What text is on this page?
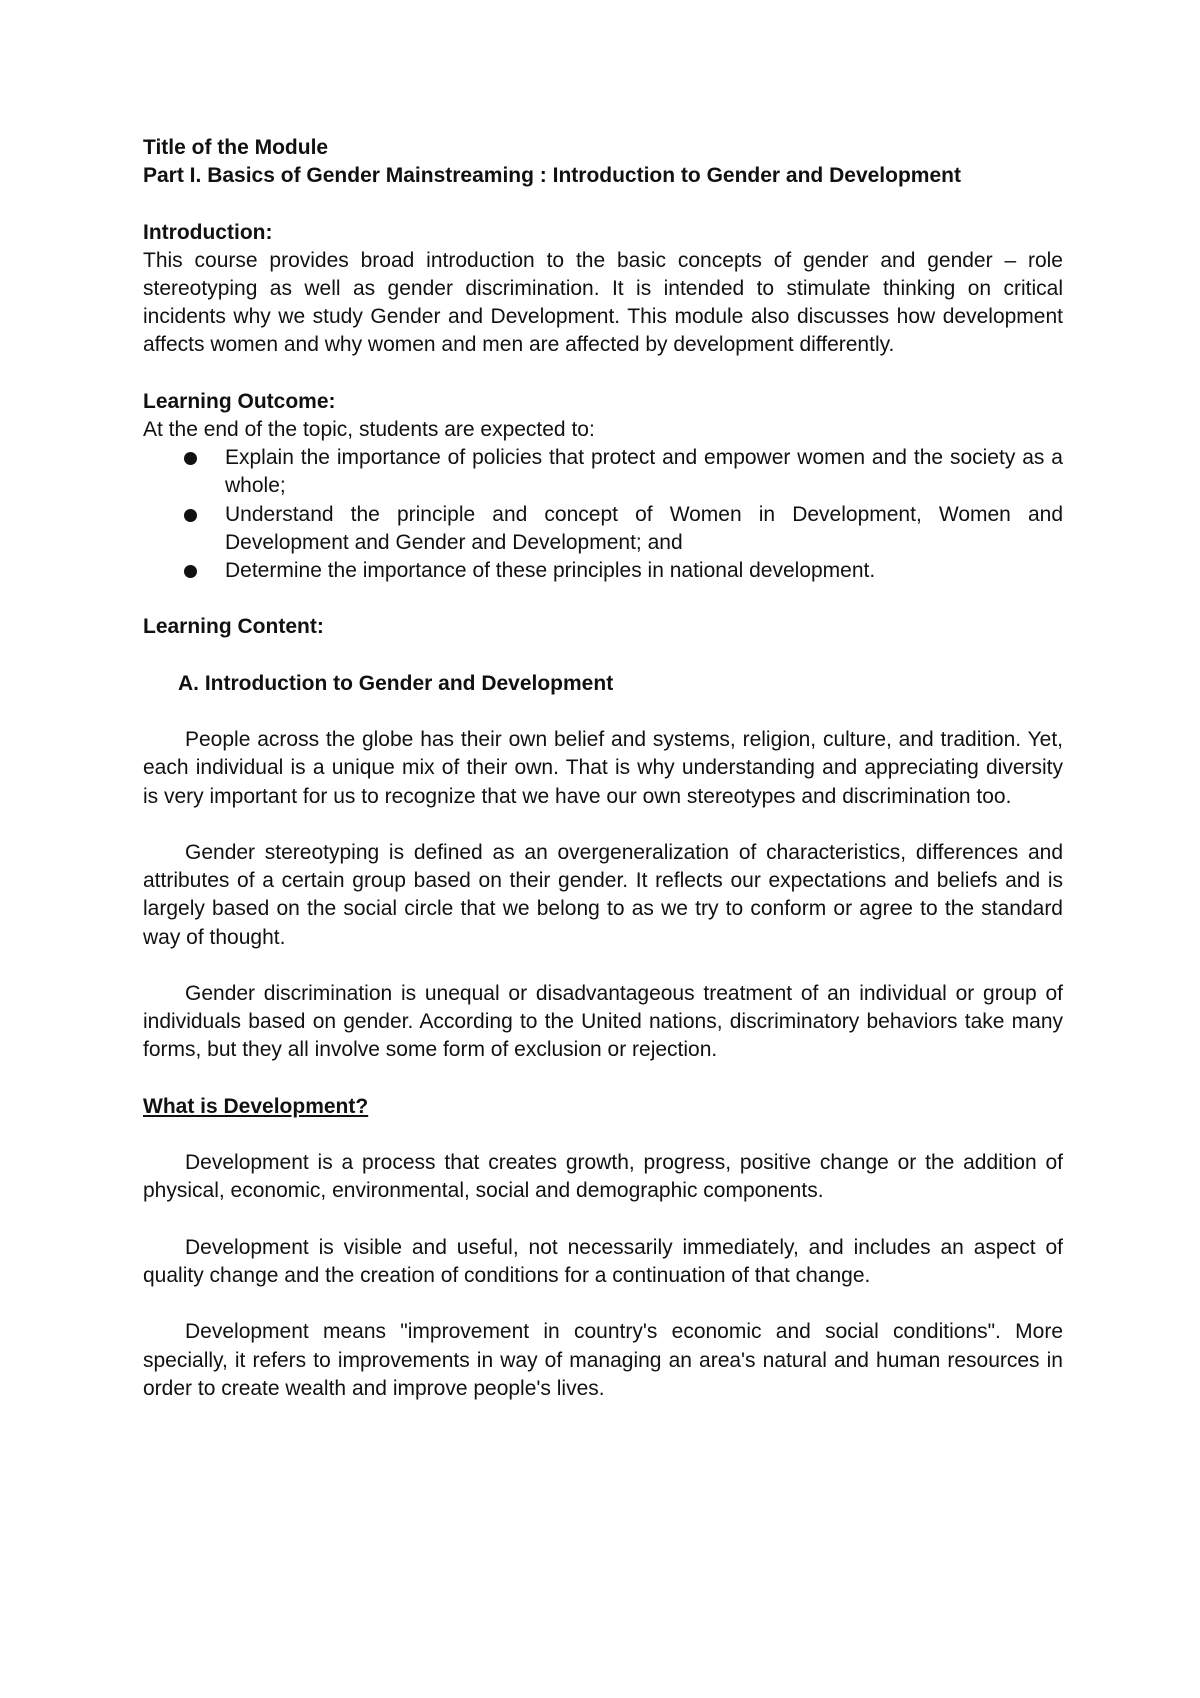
Title of the Module

Part I. Basics of Gender Mainstreaming : Introduction to Gender and Development

Introduction:

This course provides broad introduction to the basic concepts of gender and gender – role stereotyping as well as gender discrimination. It is intended to stimulate thinking on critical incidents why we study Gender and Development. This module also discusses how development affects women and why women and men are affected by development differently.

Learning Outcome:

At the end of the topic, students are expected to:

Explain the importance of policies that protect and empower women and the society as a whole;
Understand the principle and concept of Women in Development, Women and Development and Gender and Development; and
Determine the importance of these principles in national development.

Learning Content:

A. Introduction to Gender and Development

People across the globe has their own belief and systems, religion, culture, and tradition. Yet, each individual is a unique mix of their own. That is why understanding and appreciating diversity is very important for us to recognize that we have our own stereotypes and discrimination too.

Gender stereotyping is defined as an overgeneralization of characteristics, differences and attributes of a certain group based on their gender. It reflects our expectations and beliefs and is largely based on the social circle that we belong to as we try to conform or agree to the standard way of thought.

Gender discrimination is unequal or disadvantageous treatment of an individual or group of individuals based on gender. According to the United nations, discriminatory behaviors take many forms, but they all involve some form of exclusion or rejection.

What is Development?

Development is a process that creates growth, progress, positive change or the addition of physical, economic, environmental, social and demographic components.

Development is visible and useful, not necessarily immediately, and includes an aspect of quality change and the creation of conditions for a continuation of that change.

Development means "improvement in country's economic and social conditions". More specially, it refers to improvements in way of managing an area's natural and human resources in order to create wealth and improve people's lives.
